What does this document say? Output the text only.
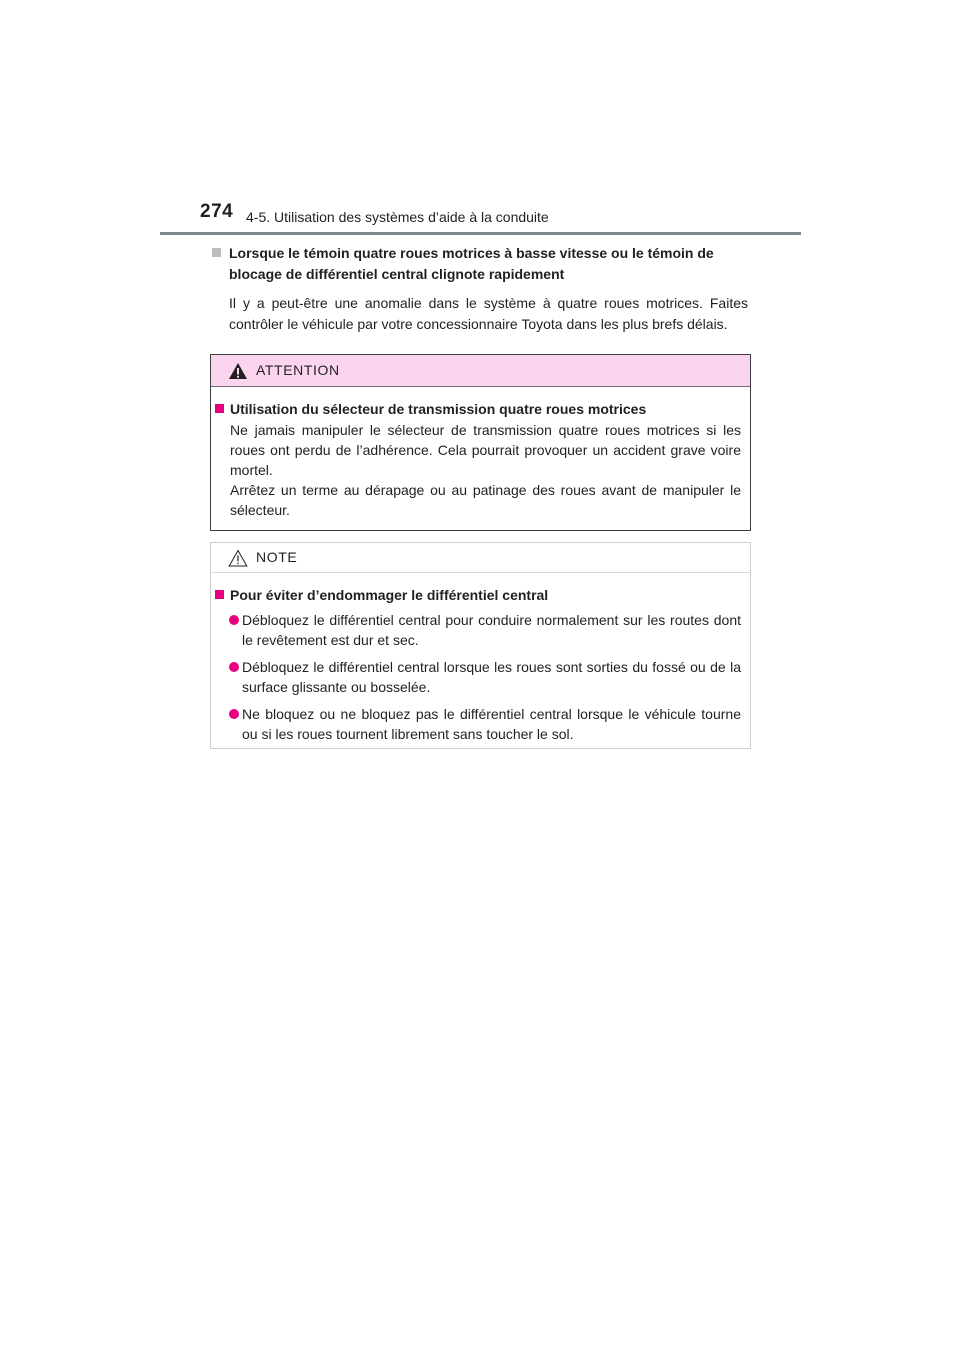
274 4-5. Utilisation des systèmes d’aide à la conduite
Lorsque le témoin quatre roues motrices à basse vitesse ou le témoin de blocage de différentiel central clignote rapidement

Il y a peut-être une anomalie dans le système à quatre roues motrices. Faites contrôler le véhicule par votre concessionnaire Toyota dans les plus brefs délais.

ATTENTION
Utilisation du sélecteur de transmission quatre roues motrices

Ne jamais manipuler le sélecteur de transmission quatre roues motrices si les roues ont perdu de l’adhérence. Cela pourrait provoquer un accident grave voire mortel.

Arrêtez un terme au dérapage ou au patinage des roues avant de manipuler le sélecteur.

NOTE
Pour éviter d’endommager le différentiel central
Débloquez le différentiel central pour conduire normalement sur les routes dont le revêtement est dur et sec.
Débloquez le différentiel central lorsque les roues sont sorties du fossé ou de la surface glissante ou bosselée.
Ne bloquez ou ne bloquez pas le différentiel central lorsque le véhicule tourne ou si les roues tournent librement sans toucher le sol.
